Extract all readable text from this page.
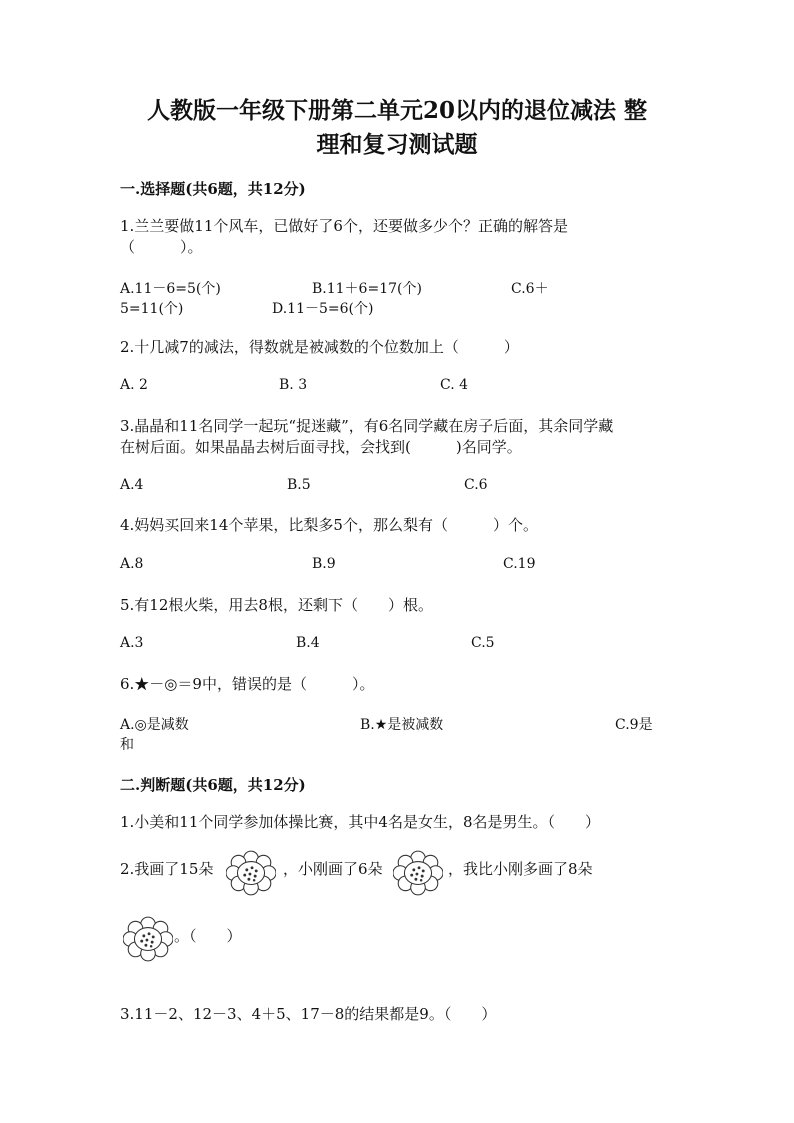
人教版一年级下册第二单元20以内的退位减法 整
理和复习测试题
一.选择题(共6题，共12分)
1.兰兰要做11个风车，已做好了6个，还要做多少个？正确的解答是
（　　　）。
A.11－6=5(个)	B.11＋6=17(个)	C.6＋
5=11(个)	D.11－5=6(个)
2.十几减7的减法，得数就是被减数的个位数加上（　　　）
A. 2	B. 3	C. 4
3.晶晶和11名同学一起玩“捉迷藏”，有6名同学藏在房子后面，其余同学藏
在树后面。如果晶晶去树后面寻找，会找到(　　　)名同学。
A.4	B.5	C.6
4.妈妈买回来14个苹果，比梨多5个，那么梨有（　　　）个。
A.8	B.9	C.19
5.有12根火柴，用去8根，还剩下（　　）根。
A.3	B.4	C.5
6.★－◎＝9中，错误的是（　　　）。
A.◎是减数	B.★是被减数	C.9是
和
二.判断题(共6题，共12分)
1.小美和11个同学参加体操比赛，其中4名是女生，8名是男生。（　　）
2.我画了15朵	，小刚画了6朵	，我比小刚多画了8朵
。（　　）
3.11－2、12－3、4＋5、17－8的结果都是9。（　　）
